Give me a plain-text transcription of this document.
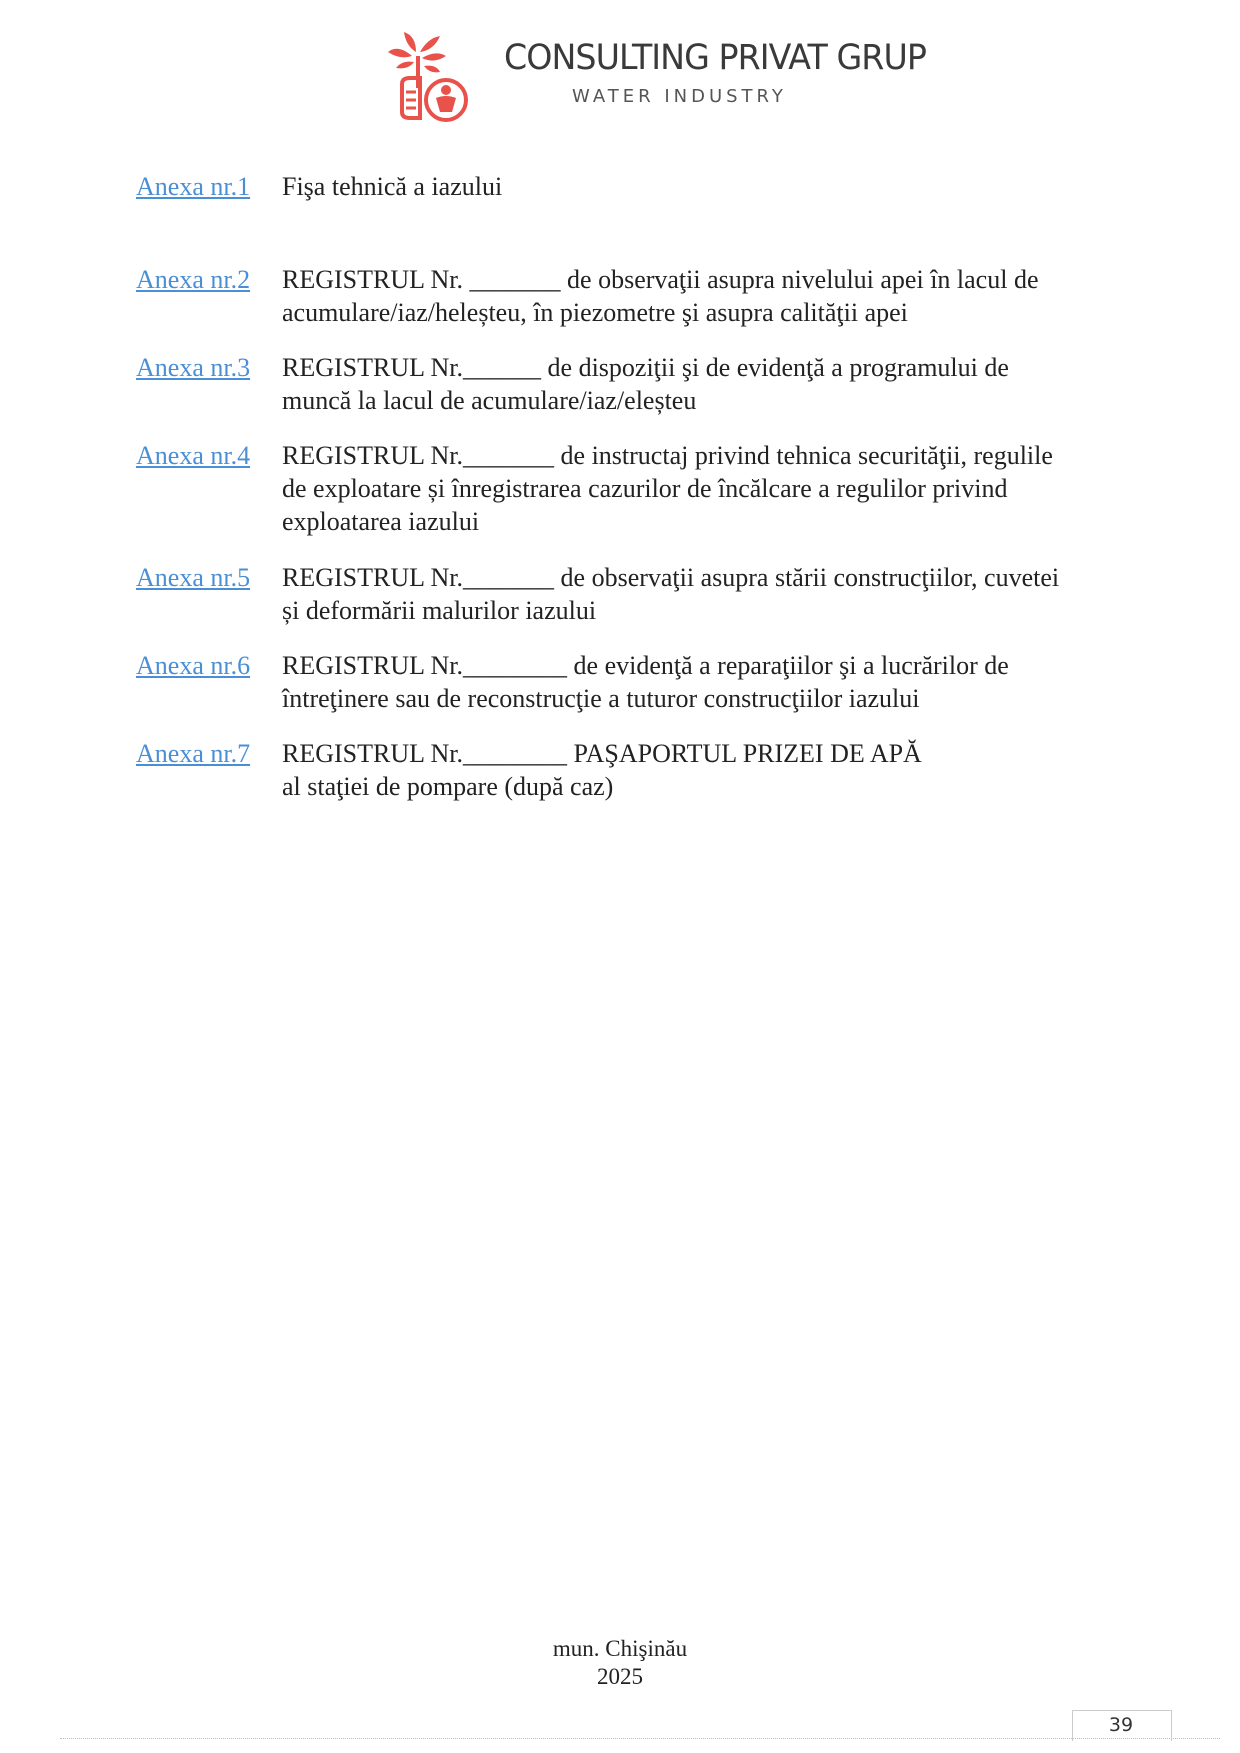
CONSULTING PRIVAT GRUP
WATER INDUSTRY
Anexa nr.1 Fişa tehnică a iazului

Anexa nr.2 REGISTRUL Nr. _______ de observaţii asupra nivelului apei în lacul de

acumulare/iaz/heleșteu, în piezometre şi asupra calităţii apei

Anexa nr.3 REGISTRUL Nr.______ de dispoziţii şi de evidenţă a programului de

muncă la lacul de acumulare/iaz/eleșteu

Anexa nr.4 REGISTRUL Nr._______ de instructaj privind tehnica securităţii, regulile

de exploatare și înregistrarea cazurilor de încălcare a regulilor privind

exploatarea iazului

Anexa nr.5 REGISTRUL Nr._______ de observaţii asupra stării construcţiilor, cuvetei

și deformării malurilor iazului

Anexa nr.6 REGISTRUL Nr.________ de evidenţă a reparaţiilor şi a lucrărilor de

întreţinere sau de reconstrucţie a tuturor construcţiilor iazului

Anexa nr.7 REGISTRUL Nr.________ PAŞAPORTUL PRIZEI DE APĂ

al staţiei de pompare (după caz)

mun. Chişinău
2025
39
